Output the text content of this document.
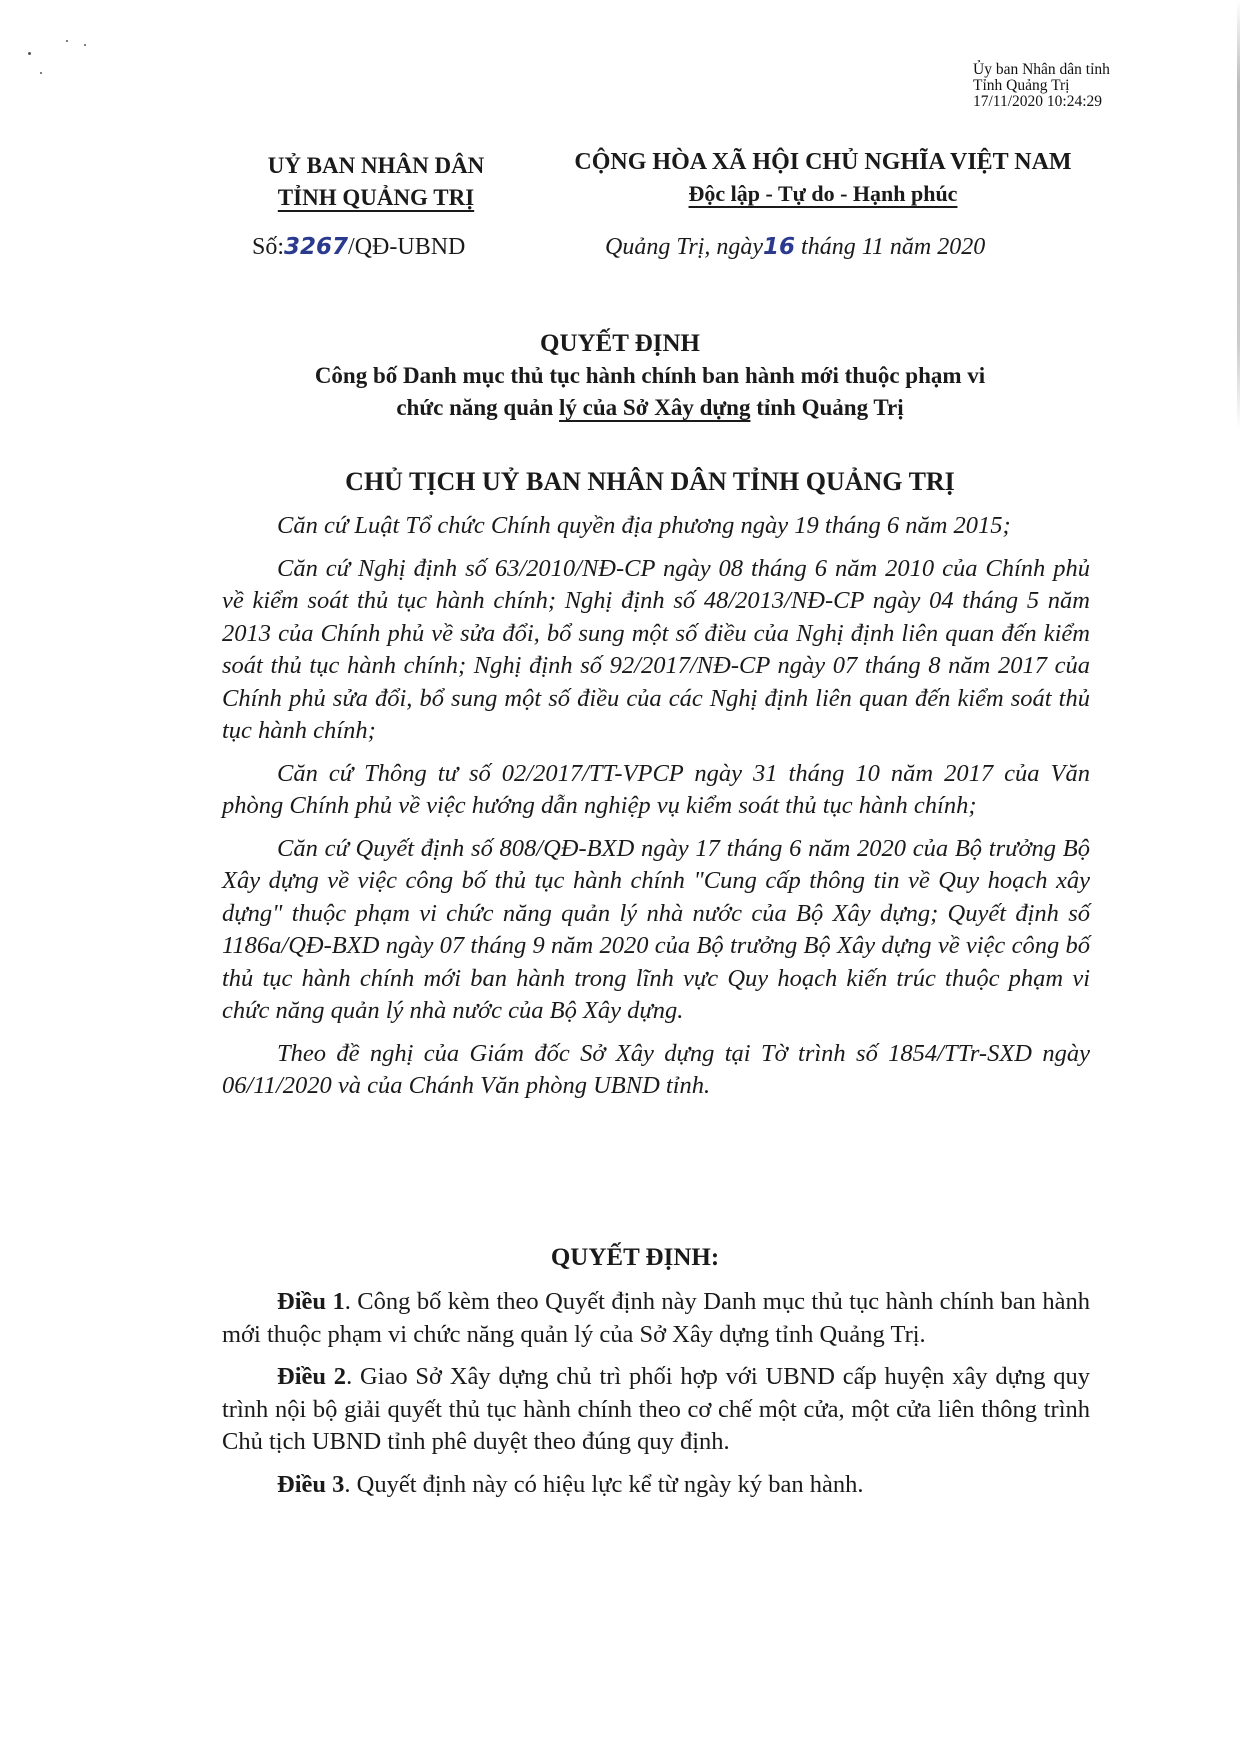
Ủy ban Nhân dân tỉnh
Tỉnh Quảng Trị
17/11/2020 10:24:29
UỶ BAN NHÂN DÂN
TỈNH QUẢNG TRỊ
CỘNG HÒA XÃ HỘI CHỦ NGHĨA VIỆT NAM
Độc lập - Tự do - Hạnh phúc
Số:3267/QĐ-UBND	Quảng Trị, ngày16 tháng 11 năm 2020
QUYẾT ĐỊNH
Công bố Danh mục thủ tục hành chính ban hành mới thuộc phạm vi
chức năng quản lý của Sở Xây dựng tỉnh Quảng Trị
CHỦ TỊCH UỶ BAN NHÂN DÂN TỈNH QUẢNG TRỊ

Căn cứ Luật Tổ chức Chính quyền địa phương ngày 19 tháng 6 năm 2015;

Căn cứ Nghị định số 63/2010/NĐ-CP ngày 08 tháng 6 năm 2010 của Chính phủ về kiểm soát thủ tục hành chính; Nghị định số 48/2013/NĐ-CP ngày 04 tháng 5 năm 2013 của Chính phủ về sửa đổi, bổ sung một số điều của Nghị định liên quan đến kiểm soát thủ tục hành chính; Nghị định số 92/2017/NĐ-CP ngày 07 tháng 8 năm 2017 của Chính phủ sửa đổi, bổ sung một số điều của các Nghị định liên quan đến kiểm soát thủ tục hành chính;

Căn cứ Thông tư số 02/2017/TT-VPCP ngày 31 tháng 10 năm 2017 của Văn phòng Chính phủ về việc hướng dẫn nghiệp vụ kiểm soát thủ tục hành chính;

Căn cứ Quyết định số 808/QĐ-BXD ngày 17 tháng 6 năm 2020 của Bộ trưởng Bộ Xây dựng về việc công bố thủ tục hành chính "Cung cấp thông tin về Quy hoạch xây dựng" thuộc phạm vi chức năng quản lý nhà nước của Bộ Xây dựng; Quyết định số 1186a/QĐ-BXD ngày 07 tháng 9 năm 2020 của Bộ trưởng Bộ Xây dựng về việc công bố thủ tục hành chính mới ban hành trong lĩnh vực Quy hoạch kiến trúc thuộc phạm vi chức năng quản lý nhà nước của Bộ Xây dựng.

Theo đề nghị của Giám đốc Sở Xây dựng tại Tờ trình số 1854/TTr-SXD ngày 06/11/2020 và của Chánh Văn phòng UBND tỉnh.

QUYẾT ĐỊNH:

Điều 1. Công bố kèm theo Quyết định này Danh mục thủ tục hành chính ban hành mới thuộc phạm vi chức năng quản lý của Sở Xây dựng tỉnh Quảng Trị.

Điều 2. Giao Sở Xây dựng chủ trì phối hợp với UBND cấp huyện xây dựng quy trình nội bộ giải quyết thủ tục hành chính theo cơ chế một cửa, một cửa liên thông trình Chủ tịch UBND tỉnh phê duyệt theo đúng quy định.

Điều 3. Quyết định này có hiệu lực kể từ ngày ký ban hành.
